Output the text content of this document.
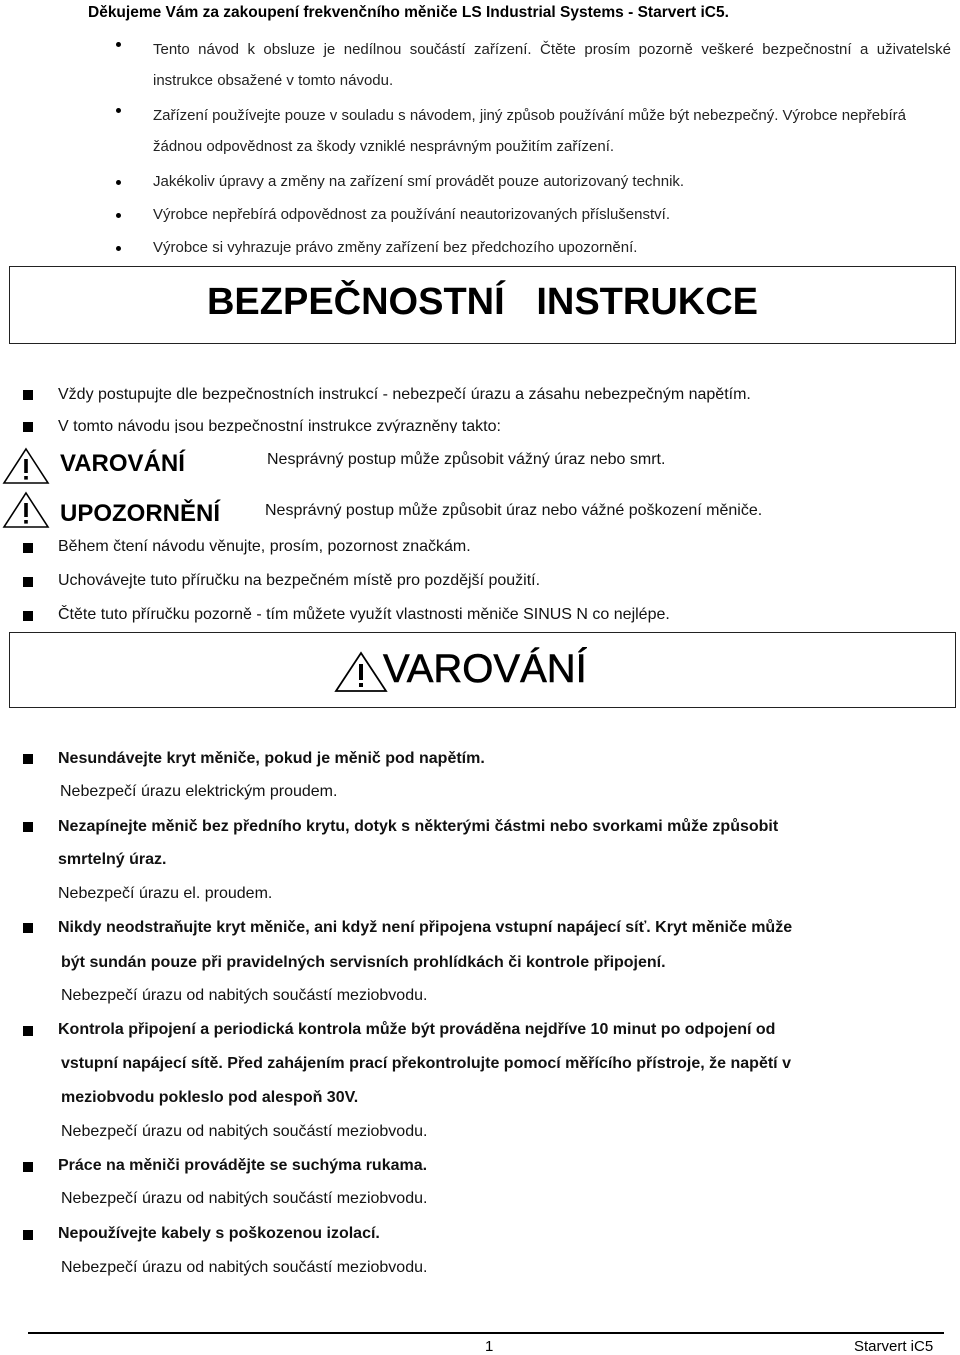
Děkujeme Vám za zakoupení frekvenčního měniče LS Industrial Systems - Starvert iC5.
Tento návod k obsluze je nedílnou součástí zařízení. Čtěte prosím pozorně veškeré bezpečnostní a uživatelské instrukce obsažené v tomto návodu.
Zařízení používejte pouze v souladu s návodem, jiný způsob používání může být nebezpečný. Výrobce nepřebírá žádnou odpovědnost za škody vzniklé nesprávným použitím zařízení.
Jakékoliv úpravy a změny na zařízení smí provádět pouze autorizovaný technik.
Výrobce nepřebírá odpovědnost za používání neautorizovaných příslušenství.
Výrobce si vyhrazuje právo změny zařízení bez předchozího upozornění.
BEZPEČNOSTNÍ   INSTRUKCE
Vždy postupujte dle bezpečnostních instrukcí - nebezpečí úrazu a zásahu nebezpečným napětím.
V tomto návodu jsou bezpečnostní instrukce zvýrazněny takto:
VAROVÁNÍ	Nesprávný postup může způsobit vážný úraz nebo smrt.
UPOZORNĚNÍ	Nesprávný postup může způsobit úraz nebo vážné poškození měniče.
Během čtení návodu věnujte, prosím, pozornost značkám.
Uchovávejte tuto příručku na bezpečném místě pro pozdější použití.
Čtěte tuto příručku pozorně - tím můžete využít vlastnosti měniče SINUS N co nejlépe.
VAROVÁNÍ
Nesundávejte kryt měniče, pokud je měnič pod napětím.
Nebezpečí úrazu elektrickým proudem.
Nezapínejte měnič bez předního krytu, dotyk s některými částmi nebo svorkami může způsobit
smrtelný úraz.
Nebezpečí úrazu el. proudem.
Nikdy neodstraňujte kryt měniče, ani když není připojena vstupní napájecí síť. Kryt měniče může
být sundán pouze při pravidelných servisních prohlídkách či kontrole připojení.
Nebezpečí úrazu od nabitých součástí meziobvodu.
Kontrola připojení a periodická kontrola může být prováděna nejdříve 10 minut po odpojení od
vstupní napájecí sítě. Před zahájením prací překontrolujte pomocí měřícího přístroje, že napětí v
meziobvodu pokleslo pod alespoň 30V.
Nebezpečí úrazu od nabitých součástí meziobvodu.
Práce na měniči provádějte se suchýma rukama.
Nebezpečí úrazu od nabitých součástí meziobvodu.
Nepoužívejte kabely s poškozenou izolací.
Nebezpečí úrazu od nabitých součástí meziobvodu.
1	Starvert iC5
